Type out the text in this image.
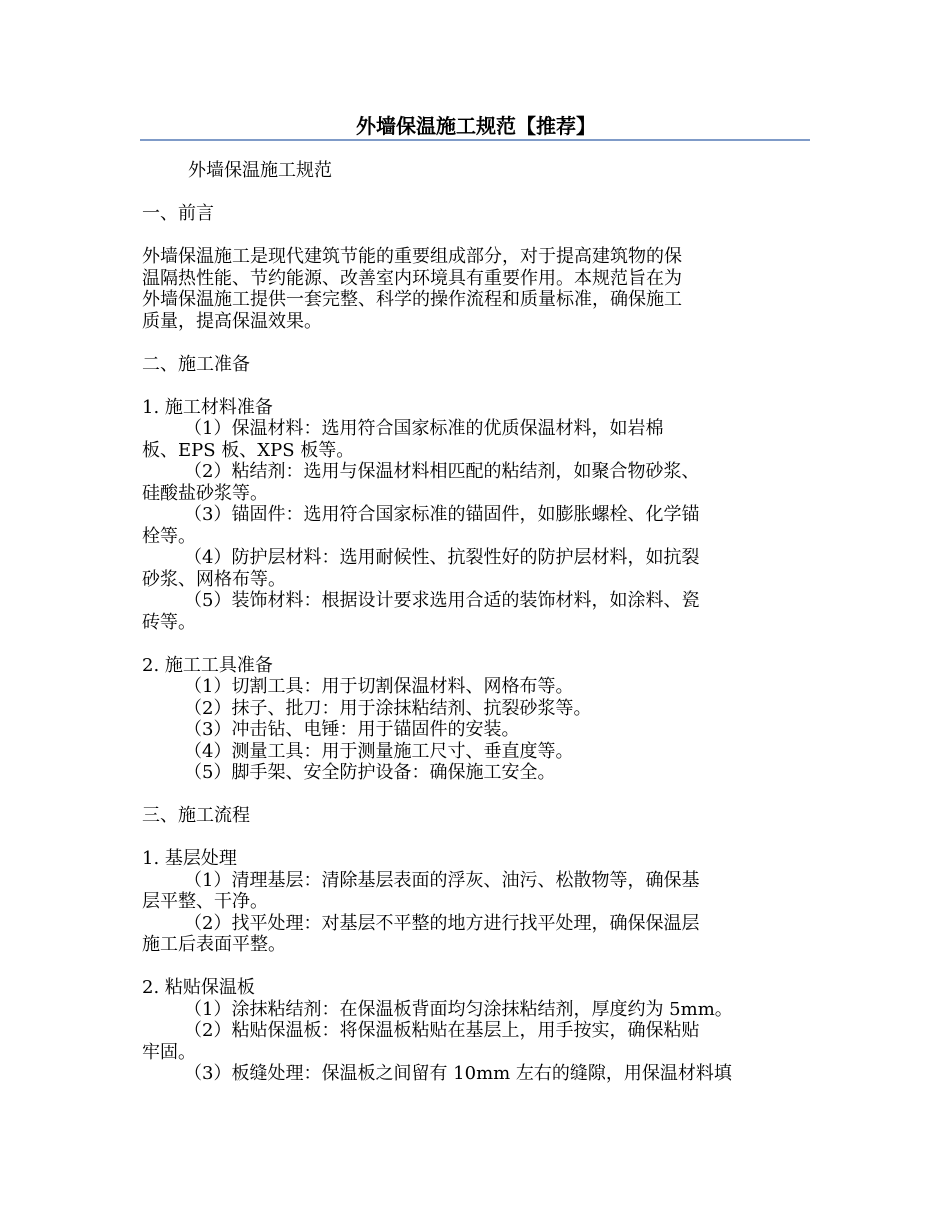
外墙保温施工规范【推荐】

外墙保温施工规范

一、前言

外墙保温施工是现代建筑节能的重要组成部分，对于提高建筑物的保

温隔热性能、节约能源、改善室内环境具有重要作用。本规范旨在为

外墙保温施工提供一套完整、科学的操作流程和质量标准，确保施工

质量，提高保温效果。

二、施工准备

1. 施工材料准备

（1）保温材料：选用符合国家标准的优质保温材料，如岩棉

板、EPS 板、XPS 板等。

（2）粘结剂：选用与保温材料相匹配的粘结剂，如聚合物砂浆、

硅酸盐砂浆等。

（3）锚固件：选用符合国家标准的锚固件，如膨胀螺栓、化学锚

栓等。

（4）防护层材料：选用耐候性、抗裂性好的防护层材料，如抗裂

砂浆、网格布等。

（5）装饰材料：根据设计要求选用合适的装饰材料，如涂料、瓷

砖等。

2. 施工工具准备

（1）切割工具：用于切割保温材料、网格布等。

（2）抹子、批刀：用于涂抹粘结剂、抗裂砂浆等。

（3）冲击钻、电锤：用于锚固件的安装。

（4）测量工具：用于测量施工尺寸、垂直度等。

（5）脚手架、安全防护设备：确保施工安全。

三、施工流程

1. 基层处理

（1）清理基层：清除基层表面的浮灰、油污、松散物等，确保基

层平整、干净。

（2）找平处理：对基层不平整的地方进行找平处理，确保保温层

施工后表面平整。

2. 粘贴保温板

（1）涂抹粘结剂：在保温板背面均匀涂抹粘结剂，厚度约为 5mm。

（2）粘贴保温板：将保温板粘贴在基层上，用手按实，确保粘贴

牢固。

（3）板缝处理：保温板之间留有 10mm 左右的缝隙，用保温材料填
